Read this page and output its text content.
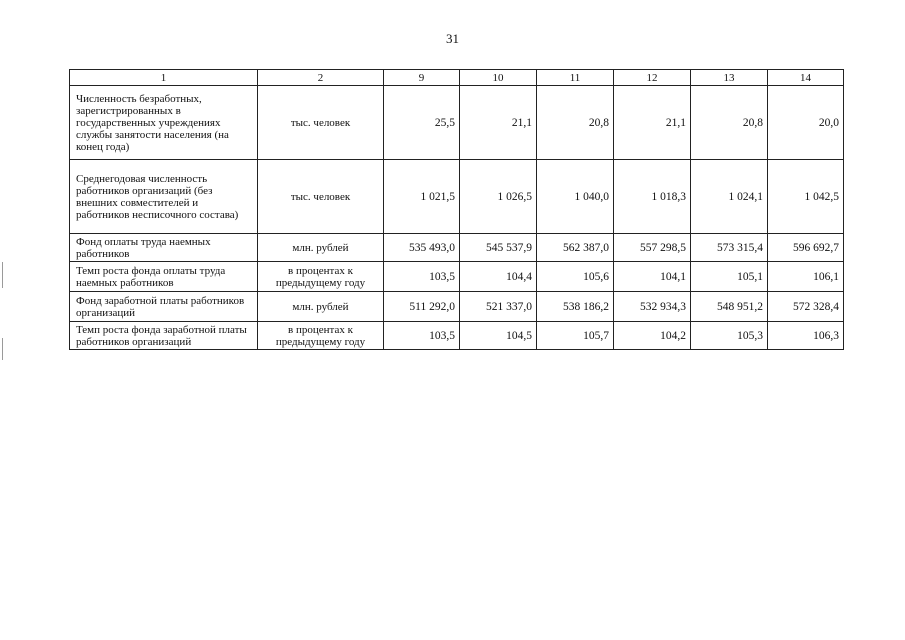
31
1	2	9	10	11	12	13	14
Численность безработных, зарегистрированных в государственных учреждениях службы занятости населения (на конец года)	тыс. человек	25,5	21,1	20,8	21,1	20,8	20,0
Среднегодовая численность работников организаций (без внешних совместителей и работников несписочного состава)	тыс. человек	1 021,5	1 026,5	1 040,0	1 018,3	1 024,1	1 042,5
Фонд оплаты труда наемных работников	млн. рублей	535 493,0	545 537,9	562 387,0	557 298,5	573 315,4	596 692,7
Темп роста фонда оплаты труда наемных работников	в процентах к предыдущему году	103,5	104,4	105,6	104,1	105,1	106,1
Фонд заработной платы работников организаций	млн. рублей	511 292,0	521 337,0	538 186,2	532 934,3	548 951,2	572 328,4
Темп роста фонда заработной платы работников организаций	в процентах к предыдущему году	103,5	104,5	105,7	104,2	105,3	106,3
